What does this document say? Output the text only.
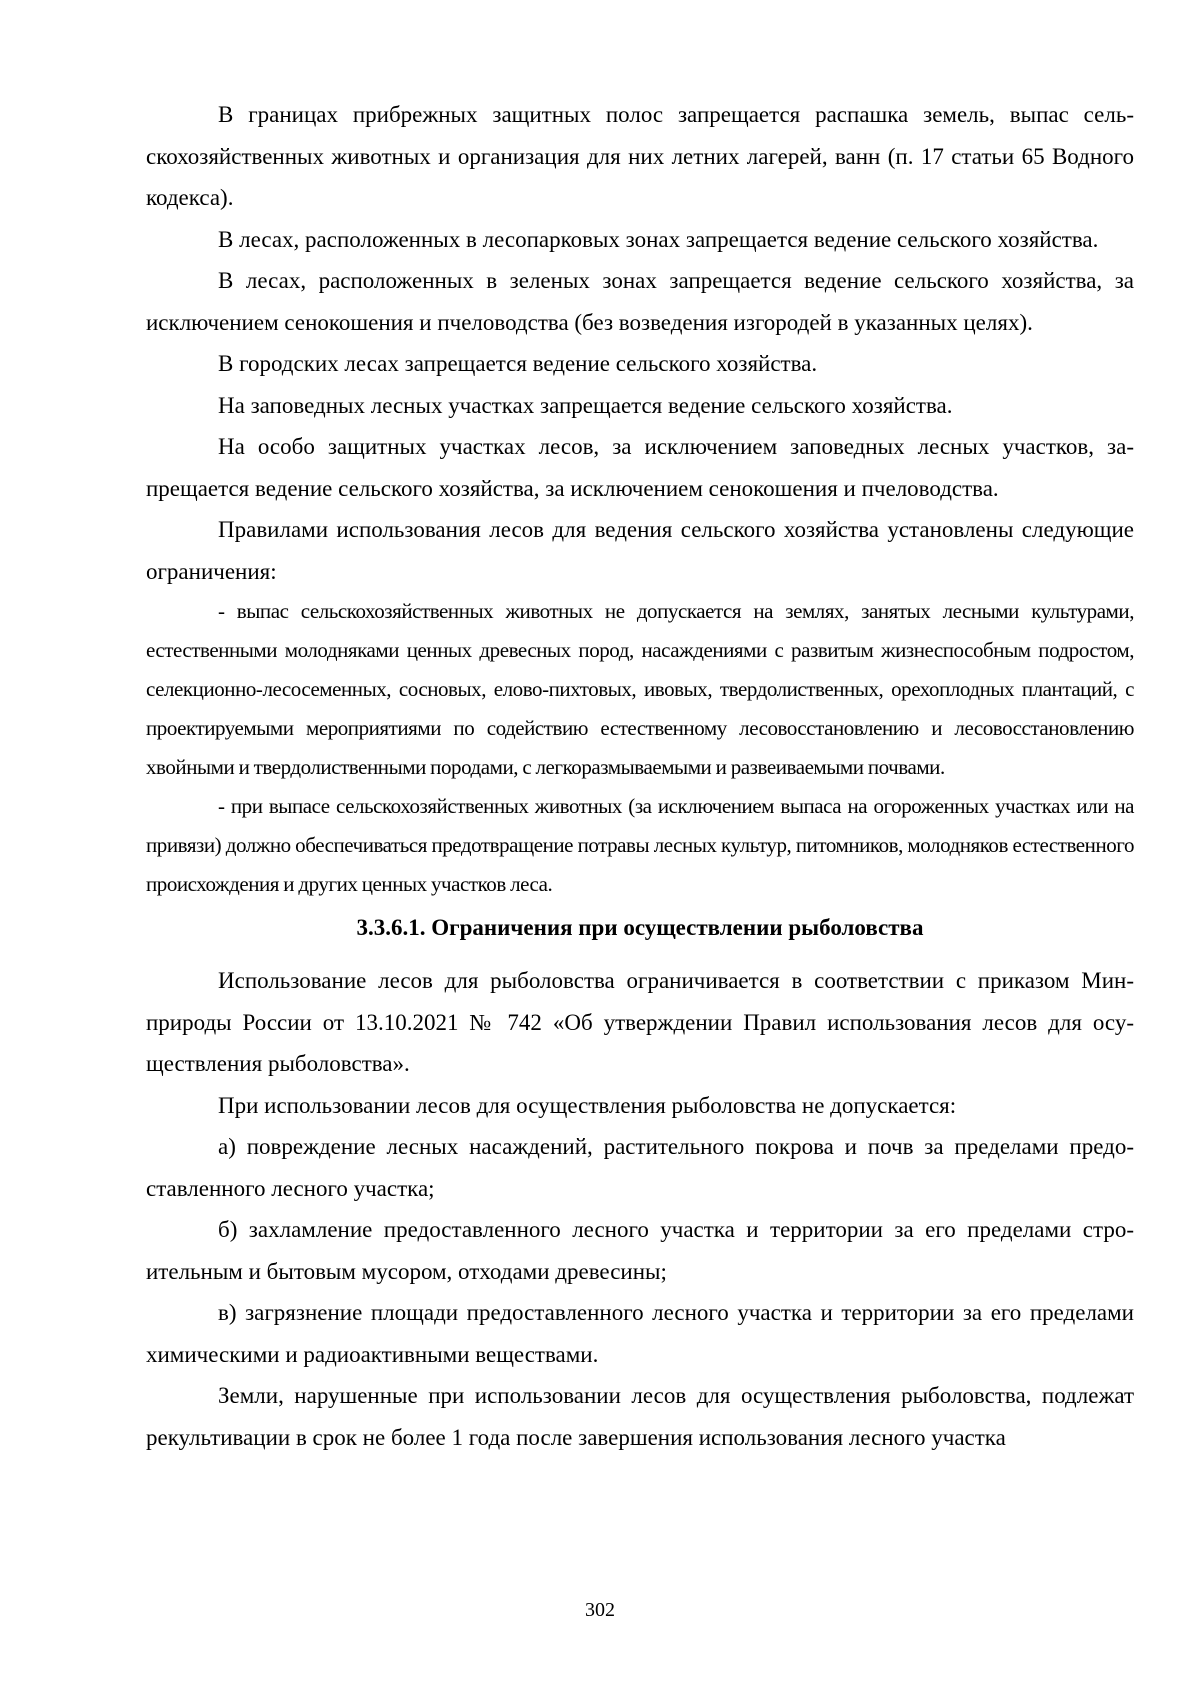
В границах прибрежных защитных полос запрещается распашка земель, выпас сельскохозяйственных животных и организация для них летних лагерей, ванн (п. 17 статьи 65 Водного кодекса).

В лесах, расположенных в лесопарковых зонах запрещается ведение сельского хозяйства.

В лесах, расположенных в зеленых зонах запрещается ведение сельского хозяйства, за исключением сенокошения и пчеловодства (без возведения изгородей в указанных целях).

В городских лесах запрещается ведение сельского хозяйства.

На заповедных лесных участках запрещается ведение сельского хозяйства.

На особо защитных участках лесов, за исключением заповедных лесных участков, запрещается ведение сельского хозяйства, за исключением сенокошения и пчеловодства.

Правилами использования лесов для ведения сельского хозяйства установлены следующие ограничения:

- выпас сельскохозяйственных животных не допускается на землях, занятых лесными культурами, естественными молодняками ценных древесных пород, насаждениями с развитым жизнеспособным подростом, селекционно-лесосеменных, сосновых, елово-пихтовых, ивовых, твердолиственных, орехоплодных плантаций, с проектируемыми мероприятиями по содействию естественному лесовосстановлению и лесовосстановлению хвойными и твердолиственными породами, с легкоразмываемыми и развеиваемыми почвами.

- при выпасе сельскохозяйственных животных (за исключением выпаса на огороженных участках или на привязи) должно обеспечиваться предотвращение потравы лесных культур, питомников, молодняков естественного происхождения и других ценных участков леса.

3.3.6.1. Ограничения при осуществлении рыболовства

Использование лесов для рыболовства ограничивается в соответствии с приказом Минприроды России от 13.10.2021 № 742 «Об утверждении Правил использования лесов для осуществления рыболовства».

При использовании лесов для осуществления рыболовства не допускается:

а) повреждение лесных насаждений, растительного покрова и почв за пределами предоставленного лесного участка;

б) захламление предоставленного лесного участка и территории за его пределами строительным и бытовым мусором, отходами древесины;

в) загрязнение площади предоставленного лесного участка и территории за его пределами химическими и радиоактивными веществами.

Земли, нарушенные при использовании лесов для осуществления рыболовства, подлежат рекультивации в срок не более 1 года после завершения использования лесного участка

302
